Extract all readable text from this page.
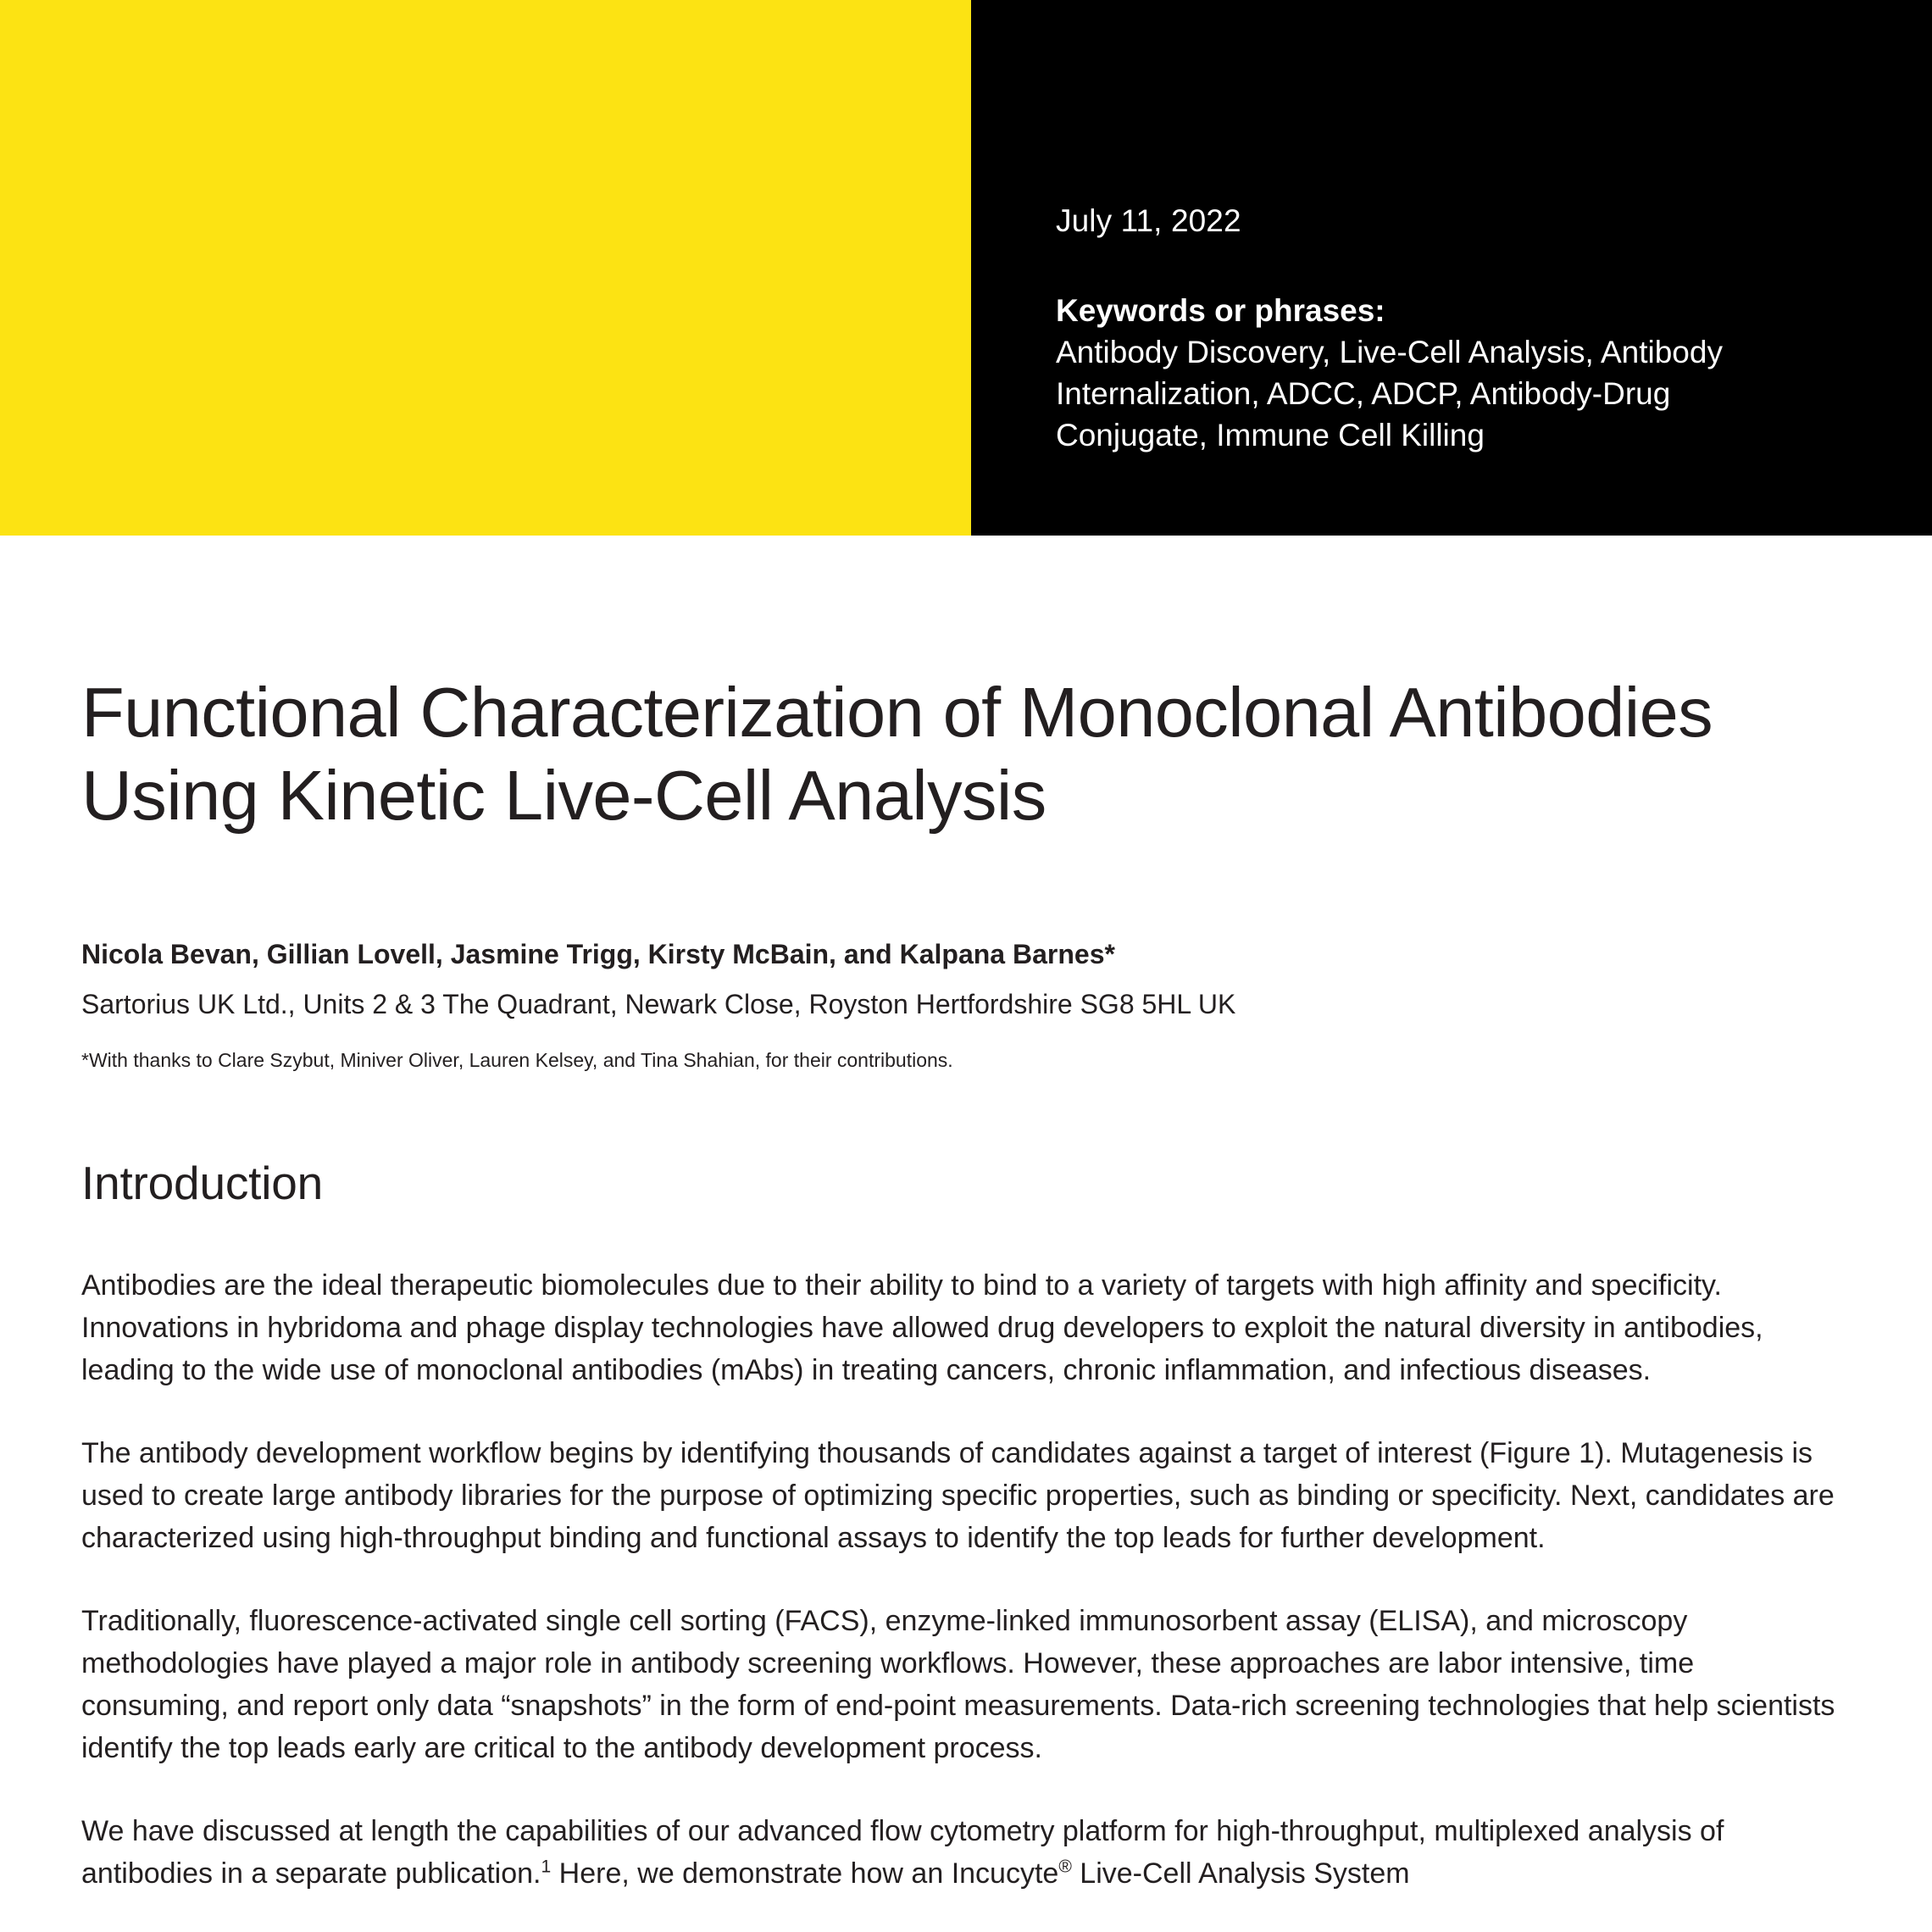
July 11, 2022
Keywords or phrases:
Antibody Discovery, Live-Cell Analysis, Antibody Internalization, ADCC, ADCP, Antibody-Drug Conjugate, Immune Cell Killing
Functional Characterization of Monoclonal Antibodies Using Kinetic Live-Cell Analysis
Nicola Bevan, Gillian Lovell, Jasmine Trigg, Kirsty McBain, and Kalpana Barnes*
Sartorius UK Ltd., Units 2 & 3 The Quadrant, Newark Close, Royston Hertfordshire SG8 5HL UK
*With thanks to Clare Szybut, Miniver Oliver, Lauren Kelsey, and Tina Shahian, for their contributions.
Introduction

Antibodies are the ideal therapeutic biomolecules due to their ability to bind to a variety of targets with high affinity and specificity. Innovations in hybridoma and phage display technologies have allowed drug developers to exploit the natural diversity in antibodies, leading to the wide use of monoclonal antibodies (mAbs) in treating cancers, chronic inflammation, and infectious diseases.

The antibody development workflow begins by identifying thousands of candidates against a target of interest (Figure 1). Mutagenesis is used to create large antibody libraries for the purpose of optimizing specific properties, such as binding or specificity. Next, candidates are characterized using high-throughput binding and functional assays to identify the top leads for further development.

Traditionally, fluorescence-activated single cell sorting (FACS), enzyme-linked immunosorbent assay (ELISA), and microscopy methodologies have played a major role in antibody screening workflows. However, these approaches are labor intensive, time consuming, and report only data “snapshots” in the form of end-point measurements. Data-rich screening technologies that help scientists identify the top leads early are critical to the antibody development process.

We have discussed at length the capabilities of our advanced flow cytometry platform for high-throughput, multiplexed analysis of antibodies in a separate publication.$^1$ Here, we demonstrate how an Incucyte® Live-Cell Analysis System
